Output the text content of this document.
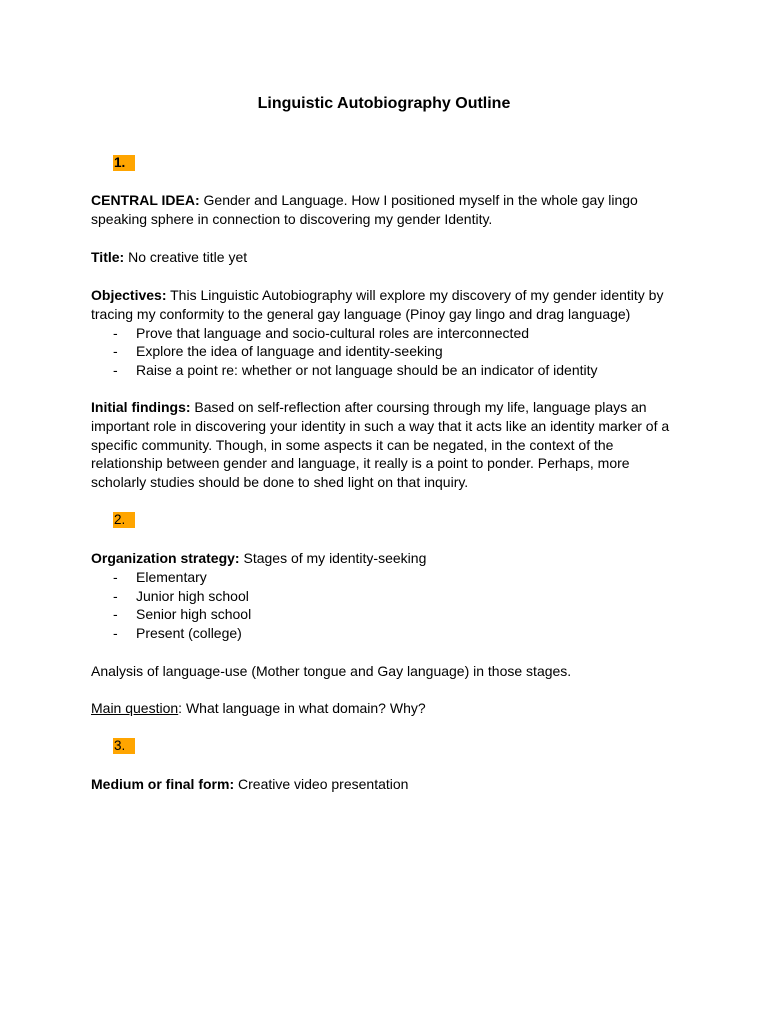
Linguistic Autobiography Outline
1.

CENTRAL IDEA: Gender and Language. How I positioned myself in the whole gay lingo speaking sphere in connection to discovering my gender Identity.

Title: No creative title yet

Objectives: This Linguistic Autobiography will explore my discovery of my gender identity by tracing my conformity to the general gay language (Pinoy gay lingo and drag language)

- Prove that language and socio-cultural roles are interconnected
- Explore the idea of language and identity-seeking
- Raise a point re: whether or not language should be an indicator of identity

Initial findings: Based on self-reflection after coursing through my life, language plays an important role in discovering your identity in such a way that it acts like an identity marker of a specific community. Though, in some aspects it can be negated, in the context of the relationship between gender and language, it really is a point to ponder. Perhaps, more scholarly studies should be done to shed light on that inquiry.

2.

Organization strategy: Stages of my identity-seeking

- Elementary
- Junior high school
- Senior high school
- Present (college)

Analysis of language-use (Mother tongue and Gay language) in those stages.

Main question: What language in what domain? Why?

3.

Medium or final form: Creative video presentation
